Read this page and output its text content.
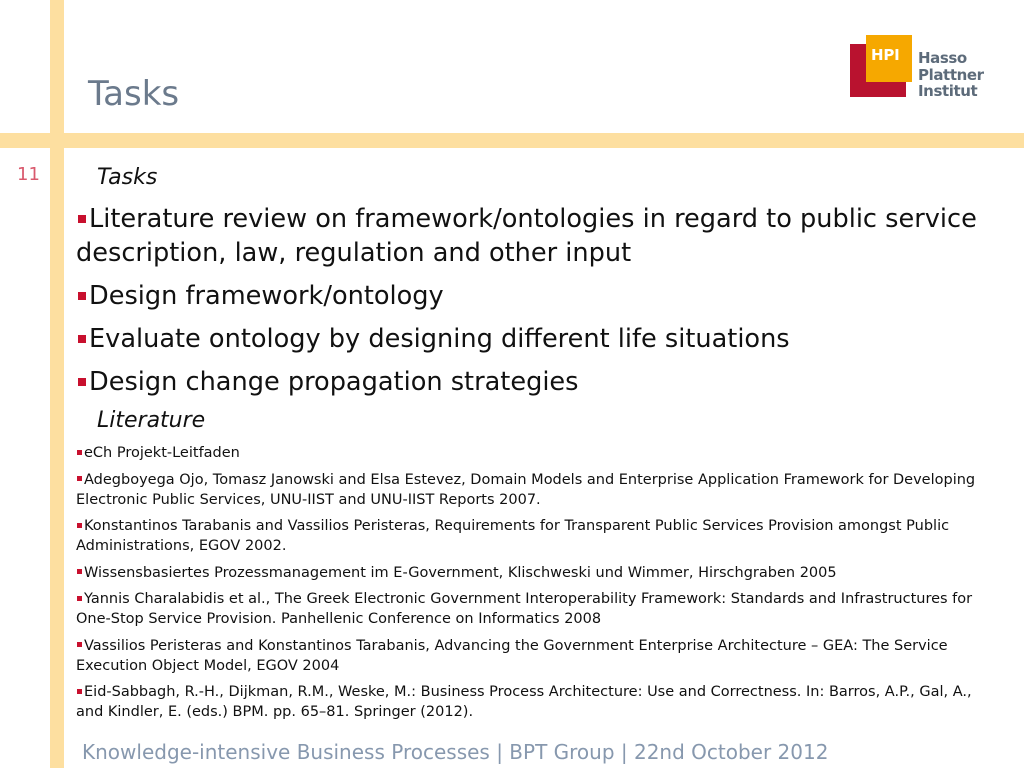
Tasks
HPI Hasso
Plattner
Institut
11	Tasks
Literature review on framework/ontologies in regard to public service description, law, regulation and other input
Design framework/ontology
Evaluate ontology by designing different life situations
Design change propagation strategies
Literature
eCh Projekt-Leitfaden
Adegboyega Ojo, Tomasz Janowski and Elsa Estevez, Domain Models and Enterprise Application Framework for Developing Electronic Public Services, UNU-IIST and UNU-IIST Reports 2007.
Konstantinos Tarabanis and Vassilios Peristeras, Requirements for Transparent Public Services Provision amongst Public Administrations, EGOV 2002.
Wissensbasiertes Prozessmanagement im E-Government, Klischweski und Wimmer, Hirschgraben 2005
Yannis Charalabidis et al., The Greek Electronic Government Interoperability Framework: Standards and Infrastructures for One-Stop Service Provision. Panhellenic Conference on Informatics 2008
Vassilios Peristeras and Konstantinos Tarabanis, Advancing the Government Enterprise Architecture – GEA: The Service Execution Object Model, EGOV 2004
Eid-Sabbagh, R.-H., Dijkman, R.M., Weske, M.: Business Process Architecture: Use and Correctness. In: Barros, A.P., Gal, A., and Kindler, E. (eds.) BPM. pp. 65–81. Springer (2012).
Knowledge-intensive Business Processes | BPT Group | 22nd October 2012
